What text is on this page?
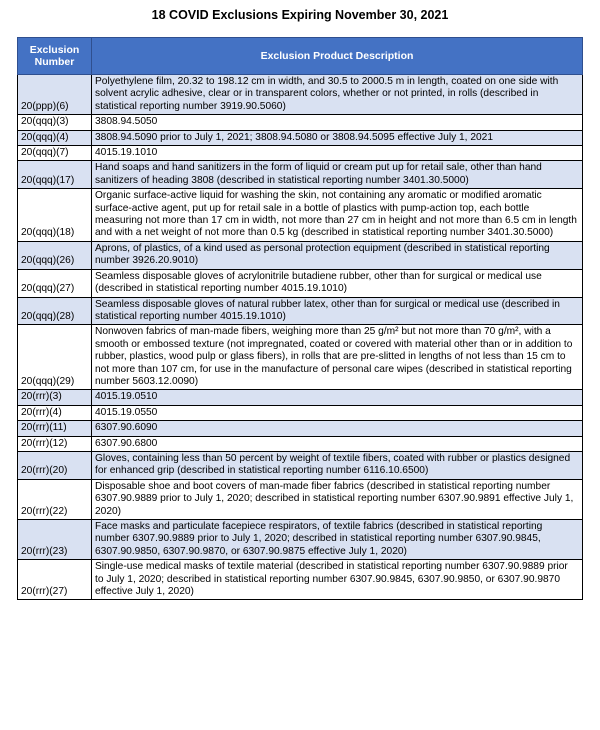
18 COVID Exclusions Expiring November 30, 2021
Exclusion Number	Exclusion Product Description
20(ppp)(6)	Polyethylene film, 20.32 to 198.12 cm in width, and 30.5 to 2000.5 m in length, coated on one side with solvent acrylic adhesive, clear or in transparent colors, whether or not printed, in rolls (described in statistical reporting number 3919.90.5060)
20(qqq)(3)	3808.94.5050
20(qqq)(4)	3808.94.5090 prior to July 1, 2021; 3808.94.5080 or 3808.94.5095 effective July 1, 2021
20(qqq)(7)	4015.19.1010
20(qqq)(17)	Hand soaps and hand sanitizers in the form of liquid or cream put up for retail sale, other than hand sanitizers of heading 3808 (described in statistical reporting number 3401.30.5000)
20(qqq)(18)	Organic surface-active liquid for washing the skin, not containing any aromatic or modified aromatic surface-active agent, put up for retail sale in a bottle of plastics with pump-action top, each bottle measuring not more than 17 cm in width, not more than 27 cm in height and not more than 6.5 cm in length and with a net weight of not more than 0.5 kg (described in statistical reporting number 3401.30.5000)
20(qqq)(26)	Aprons, of plastics, of a kind used as personal protection equipment (described in statistical reporting number 3926.20.9010)
20(qqq)(27)	Seamless disposable gloves of acrylonitrile butadiene rubber, other than for surgical or medical use (described in statistical reporting number 4015.19.1010)
20(qqq)(28)	Seamless disposable gloves of natural rubber latex, other than for surgical or medical use (described in statistical reporting number 4015.19.1010)
20(qqq)(29)	Nonwoven fabrics of man-made fibers, weighing more than 25 g/m² but not more than 70 g/m², with a smooth or embossed texture (not impregnated, coated or covered with material other than or in addition to rubber, plastics, wood pulp or glass fibers), in rolls that are pre-slitted in lengths of not less than 15 cm to not more than 107 cm, for use in the manufacture of personal care wipes (described in statistical reporting number 5603.12.0090)
20(rrr)(3)	4015.19.0510
20(rrr)(4)	4015.19.0550
20(rrr)(11)	6307.90.6090
20(rrr)(12)	6307.90.6800
20(rrr)(20)	Gloves, containing less than 50 percent by weight of textile fibers, coated with rubber or plastics designed for enhanced grip (described in statistical reporting number 6116.10.6500)
20(rrr)(22)	Disposable shoe and boot covers of man-made fiber fabrics (described in statistical reporting number 6307.90.9889 prior to July 1, 2020; described in statistical reporting number 6307.90.9891 effective July 1, 2020)
20(rrr)(23)	Face masks and particulate facepiece respirators, of textile fabrics (described in statistical reporting number 6307.90.9889 prior to July 1, 2020; described in statistical reporting number 6307.90.9845, 6307.90.9850, 6307.90.9870, or 6307.90.9875 effective July 1, 2020)
20(rrr)(27)	Single-use medical masks of textile material (described in statistical reporting number 6307.90.9889 prior to July 1, 2020; described in statistical reporting number 6307.90.9845, 6307.90.9850, or 6307.90.9870 effective July 1, 2020)
